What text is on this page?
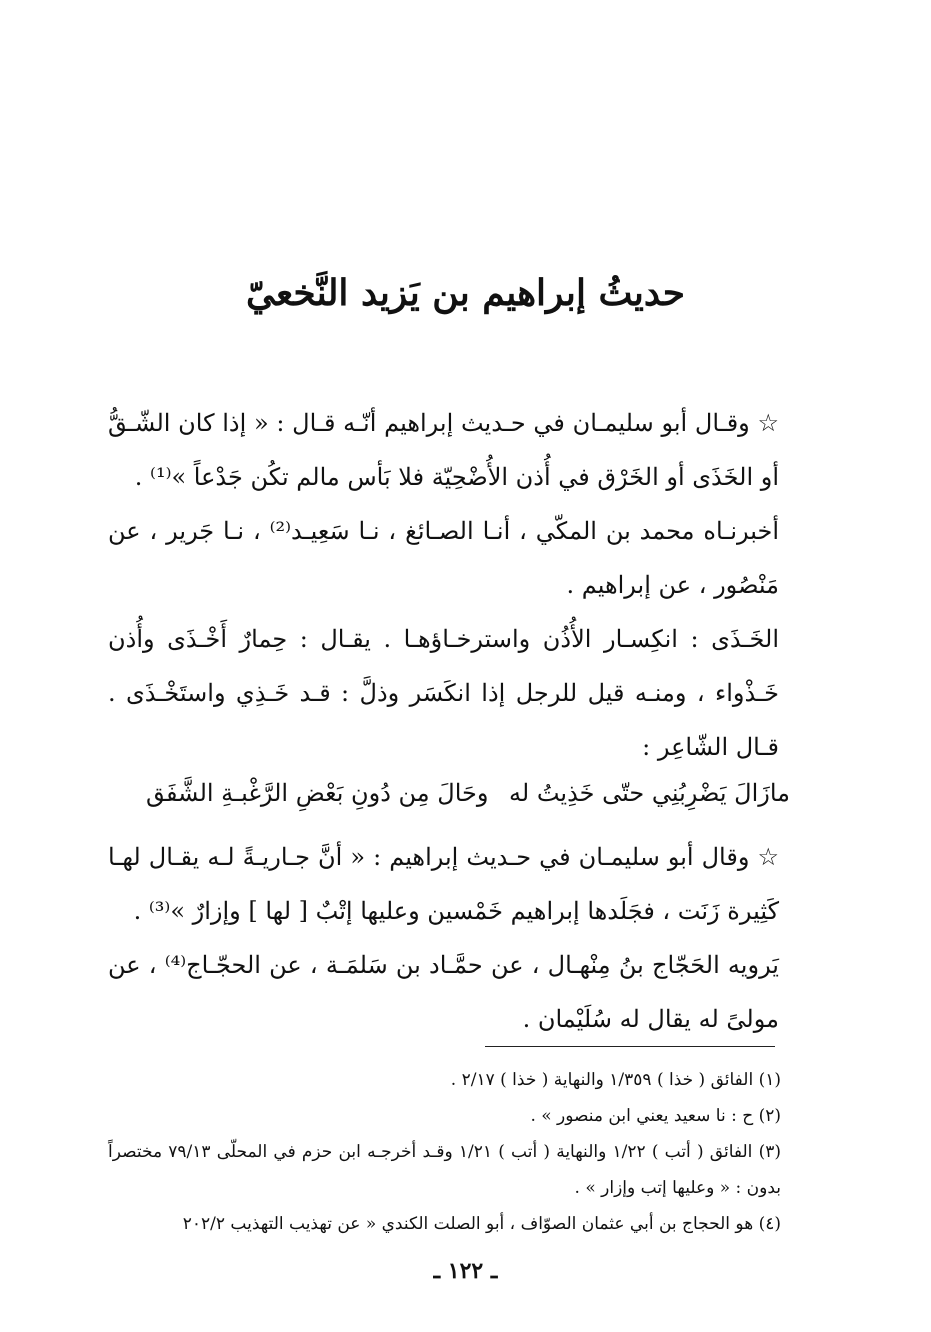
حديثُ إبراهيم بن يَزيد النَّخعيّ
☆ وقـال أبو سليمـان في حـديث إبراهيم أنّـه قـال : « إذا كان الشّـقُّ أو الخَذَى أو الخَرْق في أُذن الأُضْحِيّة فلا بَأس مالم تكُن جَدْعاً »⁽¹⁾ .
أخبرنـاه محمد بن المكّي ، أنـا الصـائغ ، نـا سَعِيـد⁽²⁾ ، نـا جَرير ، عن مَنْصُور ، عن إبراهيم .
الخَـذَى : انكِسـار الأُذُن واسترخـاؤهـا . يقـال : حِمارٌ أَخْـذَى وأُذن خَـذْواء ، ومنـه قيل للرجل إذا انكَسَر وذلَّ : قـد خَـذِي واستَخْـذَى . قـال الشّاعِر :
مازَالَ يَضْرِبُنِي حتّى خَذِيتُ له
وحَالَ مِن دُونِ بَعْضِ الرَّغْبـةِ الشَّفَق
☆ وقال أبو سليمـان في حـديث إبراهيم : « أنَّ جـاريـةً لـه يقـال لهـا كَثِيرة زَنَت ، فجَلَدها إبراهيم خَمْسين وعليها إتْبٌ [ لها ] وإزارٌ »⁽³⁾ .
يَرويه الحَجّاج بنُ مِنْهـال ، عن حمَّـاد بن سَلمَـة ، عن الحجّـاج⁽⁴⁾ ، عن مولىً له يقال له سُلَيْمان .
(١) الفائق ( خذا ) ١/٣٥٩ والنهاية ( خذا ) ٢/١٧ .
(٢) ح : نا سعيد يعني ابن منصور » .
(٣) الفائق ( أتب ) ١/٢٢ والنهاية ( أتب ) ١/٢١ وقـد أخرجـه ابن حزم في المحلّى ٧٩/١٣ مختصراً بدون : « وعليها إتب وإزار » .
(٤) هو الحجاج بن أبي عثمان الصوّاف ، أبو الصلت الكندي « عن تهذيب التهذيب ٢٠٢/٢
ـ ١٢٢ ـ
